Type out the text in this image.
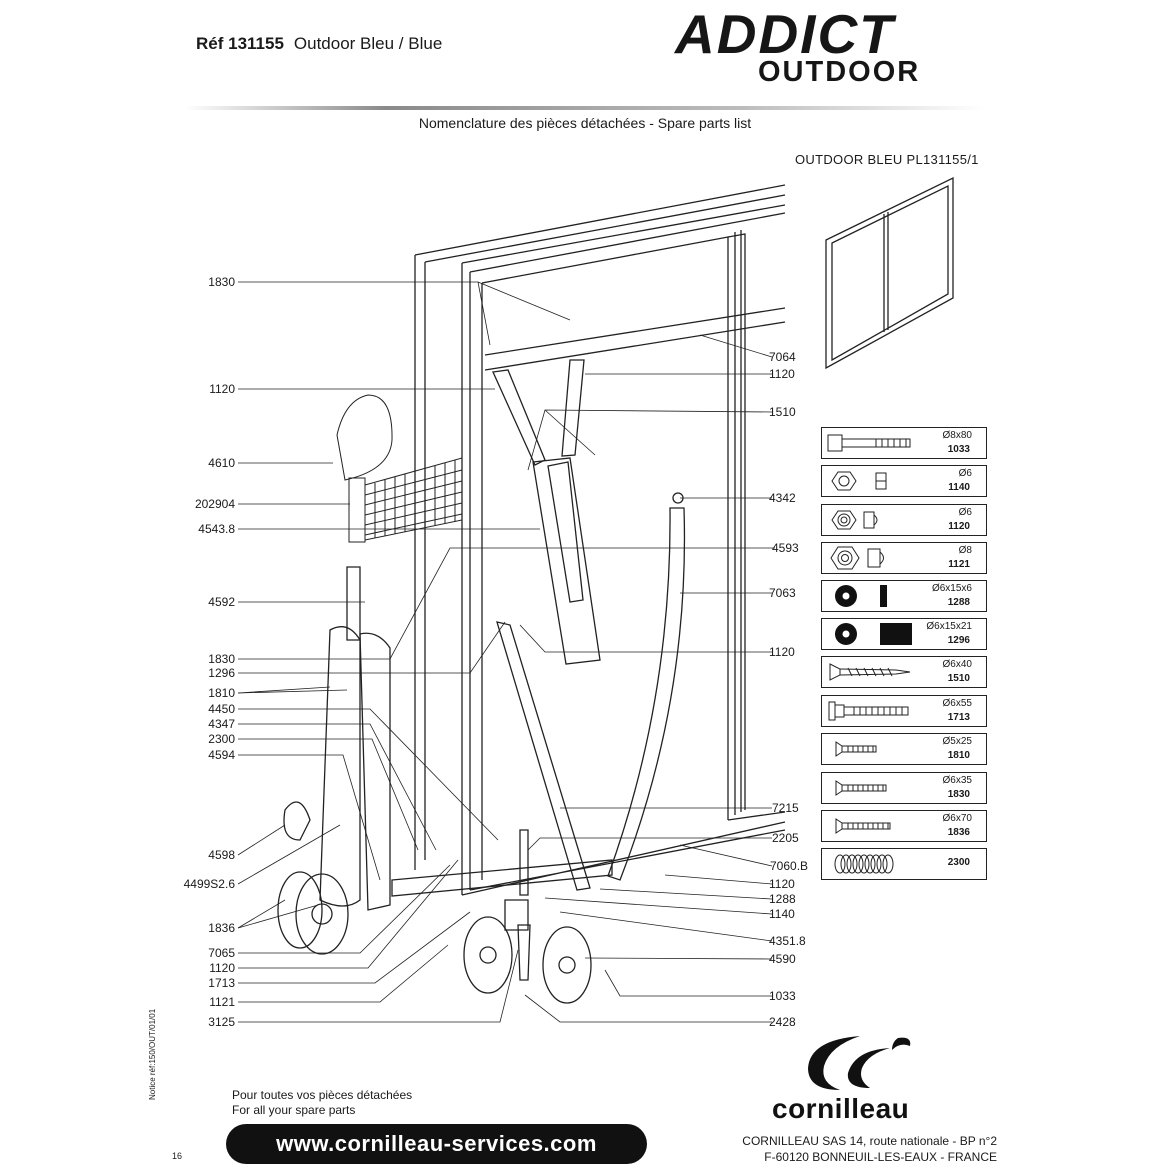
Réf 131155 Outdoor Bleu / Blue	ADDICT
OUTDOOR
Nomenclature des pièces détachées - Spare parts list
OUTDOOR BLEU PL131155/1
1830
1120
4610
202904
4543.8
4592
1830
1296
1810
4450
4347
2300
4594
4598
4499S2.6
1836
7065
1120
1713
1121
3125
7064
1120
1510
4342
4593
7063
1120
7215
2205
7060.B
1120
1288
1140
4351.8
4590
1033
2428
Ø8x80
1033
Ø6
1140
Ø6
1120
Ø8
1121
Ø6x15x6
1288
Ø6x15x21
1296
Ø6x40
1510
Ø6x55
1713
Ø5x25
1810
Ø6x35
1830
Ø6x70
1836
2300
Notice réf:150/OUT/01/01
16
Pour toutes vos pièces détachées
For all your spare parts
www.cornilleau-services.com
cornilleau
CORNILLEAU SAS 14, route nationale - BP n°2
F-60120 BONNEUIL-LES-EAUX - FRANCE
